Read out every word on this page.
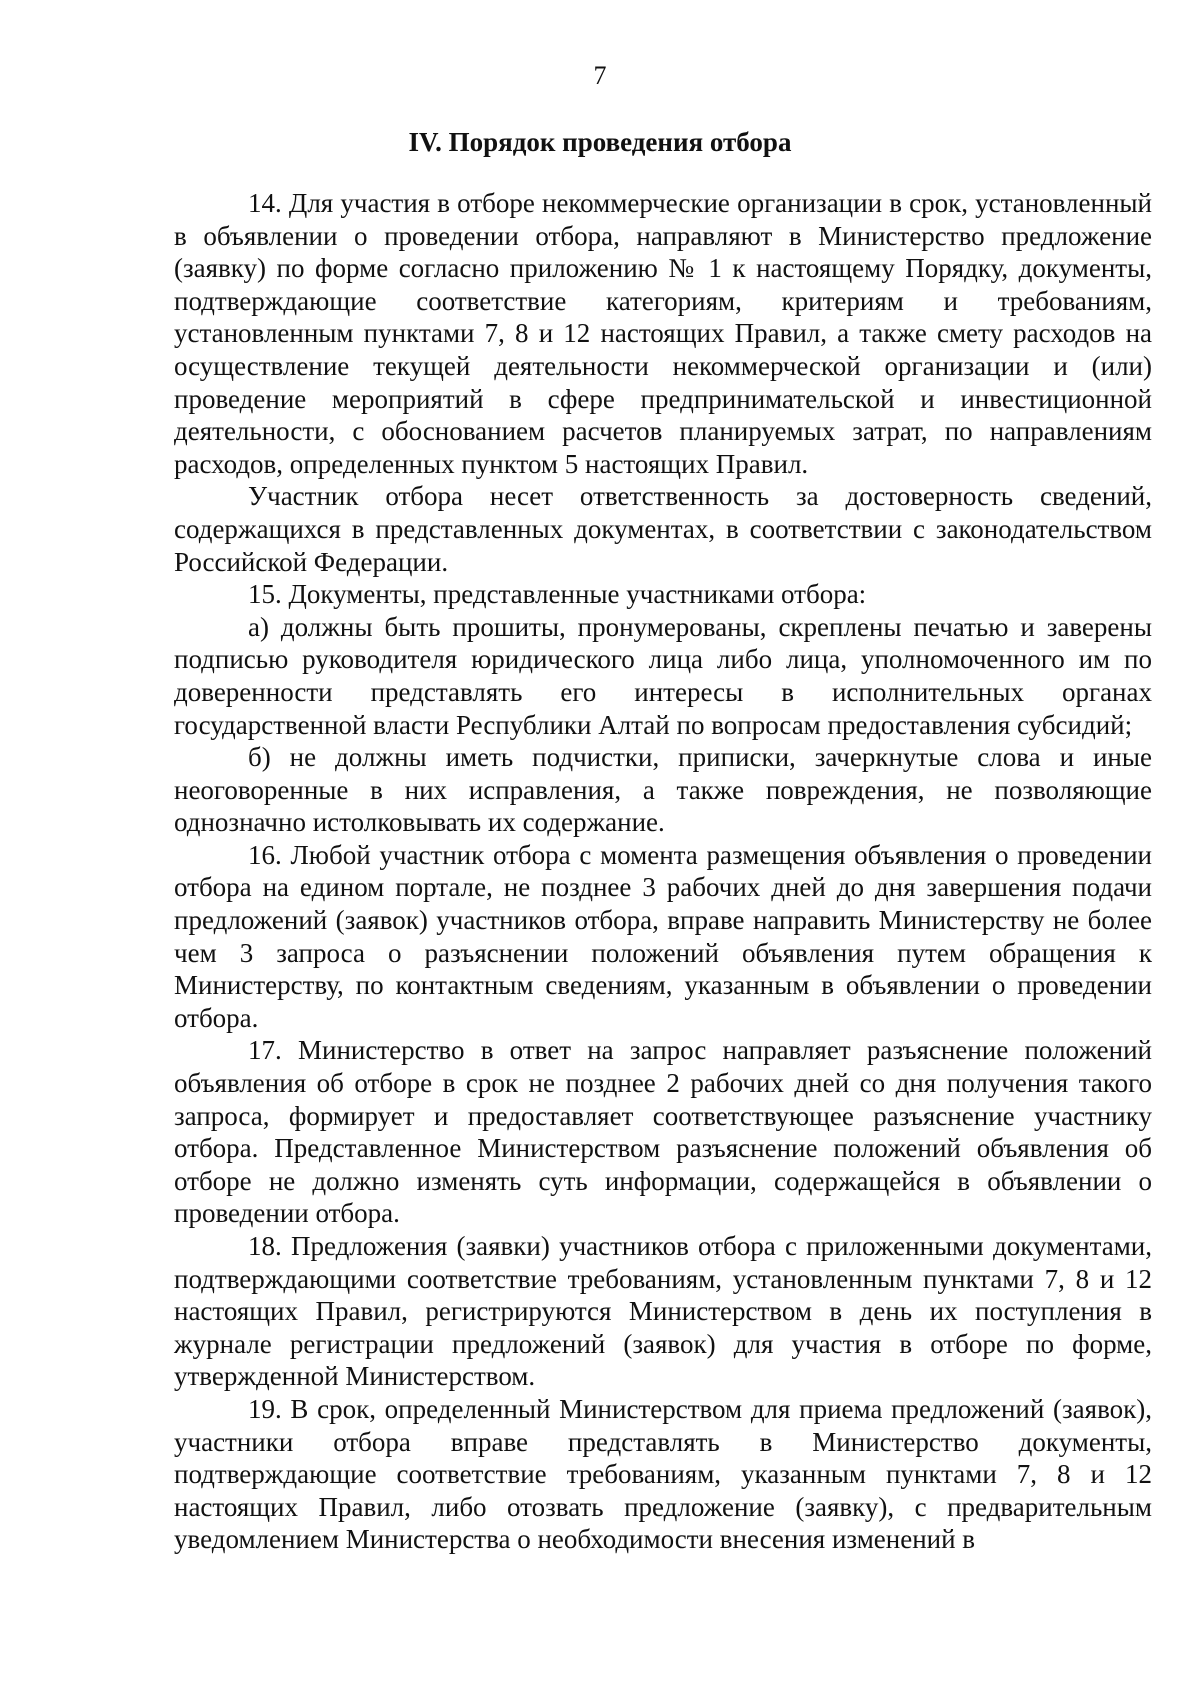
7
IV. Порядок проведения отбора

14. Для участия в отборе некоммерческие организации в срок, установленный в объявлении о проведении отбора, направляют в Министерство предложение (заявку) по форме согласно приложению № 1 к настоящему Порядку, документы, подтверждающие соответствие категориям, критериям и требованиям, установленным пунктами 7, 8 и 12 настоящих Правил, а также смету расходов на осуществление текущей деятельности некоммерческой организации и (или) проведение мероприятий в сфере предпринимательской и инвестиционной деятельности, с обоснованием расчетов планируемых затрат, по направлениям расходов, определенных пунктом 5 настоящих Правил.

Участник отбора несет ответственность за достоверность сведений, содержащихся в представленных документах, в соответствии с законодательством Российской Федерации.

15. Документы, представленные участниками отбора:

а) должны быть прошиты, пронумерованы, скреплены печатью и заверены подписью руководителя юридического лица либо лица, уполномоченного им по доверенности представлять его интересы в исполнительных органах государственной власти Республики Алтай по вопросам предоставления субсидий;

б) не должны иметь подчистки, приписки, зачеркнутые слова и иные неоговоренные в них исправления, а также повреждения, не позволяющие однозначно истолковывать их содержание.

16. Любой участник отбора с момента размещения объявления о проведении отбора на едином портале, не позднее 3 рабочих дней до дня завершения подачи предложений (заявок) участников отбора, вправе направить Министерству не более чем 3 запроса о разъяснении положений объявления путем обращения к Министерству, по контактным сведениям, указанным в объявлении о проведении отбора.

17. Министерство в ответ на запрос направляет разъяснение положений объявления об отборе в срок не позднее 2 рабочих дней со дня получения такого запроса, формирует и предоставляет соответствующее разъяснение участнику отбора. Представленное Министерством разъяснение положений объявления об отборе не должно изменять суть информации, содержащейся в объявлении о проведении отбора.

18. Предложения (заявки) участников отбора с приложенными документами, подтверждающими соответствие требованиям, установленным пунктами 7, 8 и 12 настоящих Правил, регистрируются Министерством в день их поступления в журнале регистрации предложений (заявок) для участия в отборе по форме, утвержденной Министерством.

19. В срок, определенный Министерством для приема предложений (заявок), участники отбора вправе представлять в Министерство документы, подтверждающие соответствие требованиям, указанным пунктами 7, 8 и 12 настоящих Правил, либо отозвать предложение (заявку), с предварительным уведомлением Министерства о необходимости внесения изменений в
